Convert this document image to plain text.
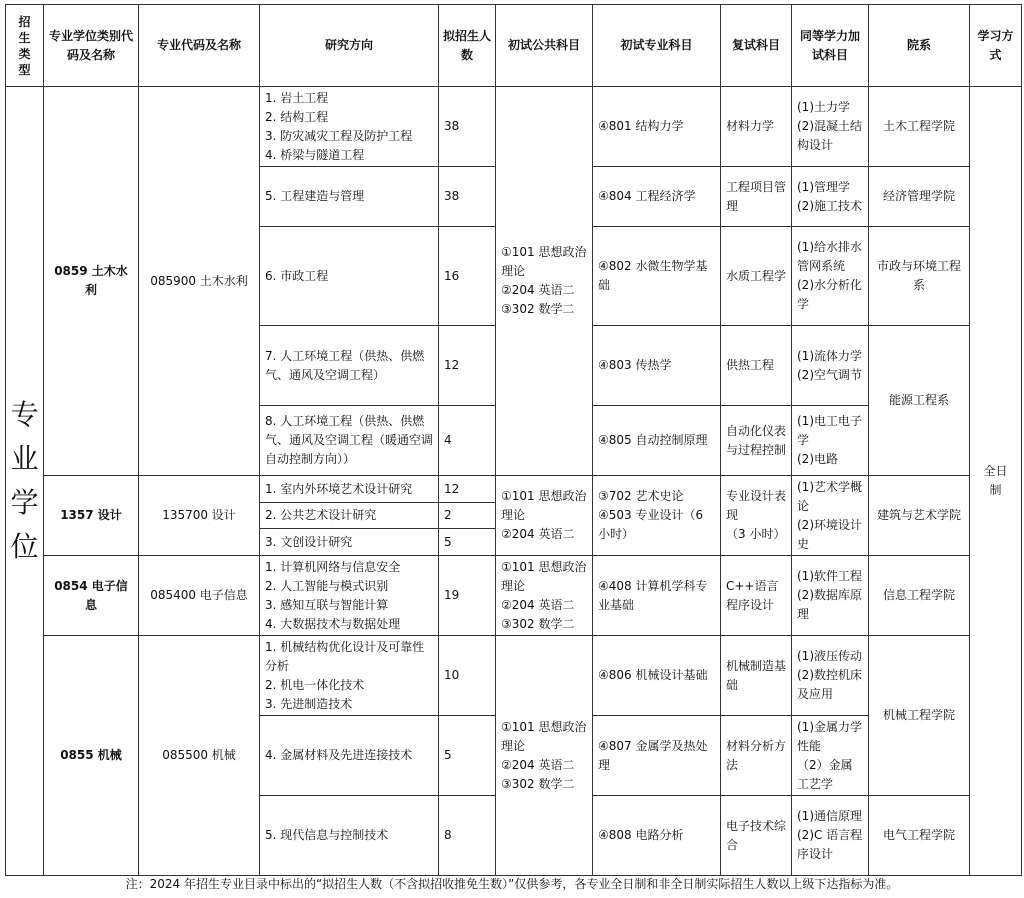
招
生
类
型	专业学位类别代码及名称	专业代码及名称	研究方向	拟招生人数	初试公共科目	初试专业科目	复试科目	同等学力加试科目	院系	学习方式
专
业
学
位	0859 土木水利	085900 土木水利	1. 岩土工程
2. 结构工程
3. 防灾减灾工程及防护工程
4. 桥梁与隧道工程	38	①101 思想政治理论
②204 英语二
③302 数学二	④801 结构力学	材料力学	(1)土力学
(2)混凝土结构设计	土木工程学院	全日
制
			5. 工程建造与管理	38		④804 工程经济学	工程项目管理	(1)管理学
(2)施工技术	经济管理学院	
			6. 市政工程	16		④802 水微生物学基础	水质工程学	(1)给水排水管网系统
(2)水分析化学	市政与环境工程系	
			7. 人工环境工程（供热、供燃气、通风及空调工程）	12		④803 传热学	供热工程	(1)流体力学
(2)空气调节	能源工程系	
			8. 人工环境工程（供热、供燃气、通风及空调工程（暖通空调自动控制方向））	4		④805 自动控制原理	自动化仪表与过程控制	(1)电工电子学
(2)电路		
	1357 设计	135700 设计	1. 室内外环境艺术设计研究	12	①101 思想政治理论
②204 英语二	③702 艺术史论
④503 专业设计（6小时）	专业设计表现
（3 小时）	(1)艺术学概论
(2)环境设计史	建筑与艺术学院	
			2. 公共艺术设计研究	2						
			3. 文创设计研究	5						
	0854 电子信息	085400 电子信息	1. 计算机网络与信息安全
2. 人工智能与模式识别
3. 感知互联与智能计算
4. 大数据技术与数据处理	19	①101 思想政治理论
②204 英语二
③302 数学二	④408 计算机学科专业基础	C++语言程序设计	(1)软件工程
(2)数据库原理	信息工程学院	
	0855 机械	085500 机械	1. 机械结构优化设计及可靠性分析
2. 机电一体化技术
3. 先进制造技术	10	①101 思想政治理论
②204 英语二
③302 数学二	④806 机械设计基础	机械制造基础	(1)液压传动
(2)数控机床及应用	机械工程学院	
			4. 金属材料及先进连接技术	5		④807 金属学及热处理	材料分析方法	(1)金属力学性能
（2）金属工艺学		
			5. 现代信息与控制技术	8		④808 电路分析	电子技术综合	(1)通信原理
(2)C 语言程序设计	电气工程学院	
注：2024 年招生专业目录中标出的“拟招生人数（不含拟招收推免生数）”仅供参考，各专业全日制和非全日制实际招生人数以上级下达指标为准。
